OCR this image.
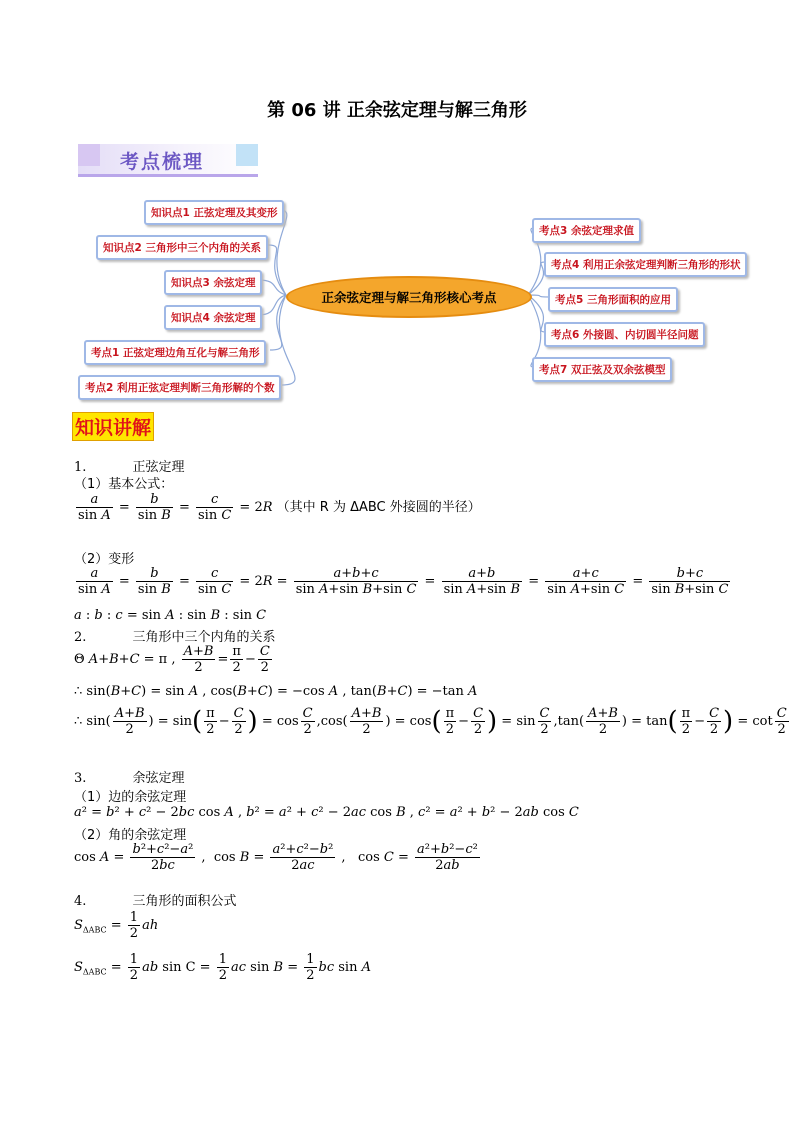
第 06 讲 正余弦定理与解三角形
考点梳理
知识点1 正弦定理及其变形
知识点2 三角形中三个内角的关系
知识点3 余弦定理
知识点4 余弦定理
考点1 正弦定理边角互化与解三角形
考点2 利用正弦定理判断三角形解的个数
正余弦定理与解三角形核心考点
考点3 余弦定理求值
考点4 利用正余弦定理判断三角形的形状
考点5 三角形面积的应用
考点6 外接圆、内切圆半径问题
考点7 双正弦及双余弦模型
知识讲解
1.	正弦定理
（1）基本公式：
$\frac{a}{\text{sin A}} = \frac{b}{\text{sin B}} = \frac{c}{\text{sin C}} = 2R$ （其中 R 为 ΔABC 外接圆的半径）
（2）变形
$\frac{a}{\text{sin A}} = \frac{b}{\text{sin B}} = \frac{c}{\text{sin C}} = 2R = \frac{a+b+c}{\text{sin A+sin B+sin C}} = \frac{a+b}{\text{sin A+sin B}} = \frac{a+c}{\text{sin A+sin C}} = \frac{b+c}{\text{sin B+sin C}}$
a : b : c = sin A : sin B : sin C
2.	三角形中三个内角的关系
Θ A+B+C = π , $\frac{A+B}{2} = \frac{\pi}{2} - \frac{C}{2}$
∴ sin(B+C) = sin A , cos(B+C) = −cos A , tan(B+C) = −tan A
∴ $\sin( \frac{A+B}{2}$ ) = $\sin( \frac{\pi}{2} - \frac{C}{2}$ ) = $\cos \frac{C}{2} ,\cos( \frac{A+B}{2}$ ) = $\cos( \frac{\pi}{2} - \frac{C}{2}$ ) = $\sin \frac{C}{2} ,\tan( \frac{A+B}{2}$ ) = $\tan( \frac{\pi}{2} - \frac{C}{2}$ ) = $\cot \frac{C}{2}$
3.	余弦定理
（1）边的余弦定理
a² = b² + c² − 2bc cos A , b² = a² + c² − 2ac cos B , c² = a² + b² − 2ab cos C
（2）角的余弦定理
$\cos A = \frac{\text{b²+c²−a²}}{2bc}$ ,  $\cos B = \frac{\text{a²+c²−b²}}{2ac}$ ,   $\cos C = \frac{\text{a²+b²−c²}}{2ab}$
4.	三角形的面积公式
$S_{\Delta ABC} = \frac{1}{2}$ ah
$S_{\Delta ABC} = \frac{1}{2}$ ab $\sin C = \frac{1}{2}$ ac $\sin B = \frac{1}{2}$ bc sin A
